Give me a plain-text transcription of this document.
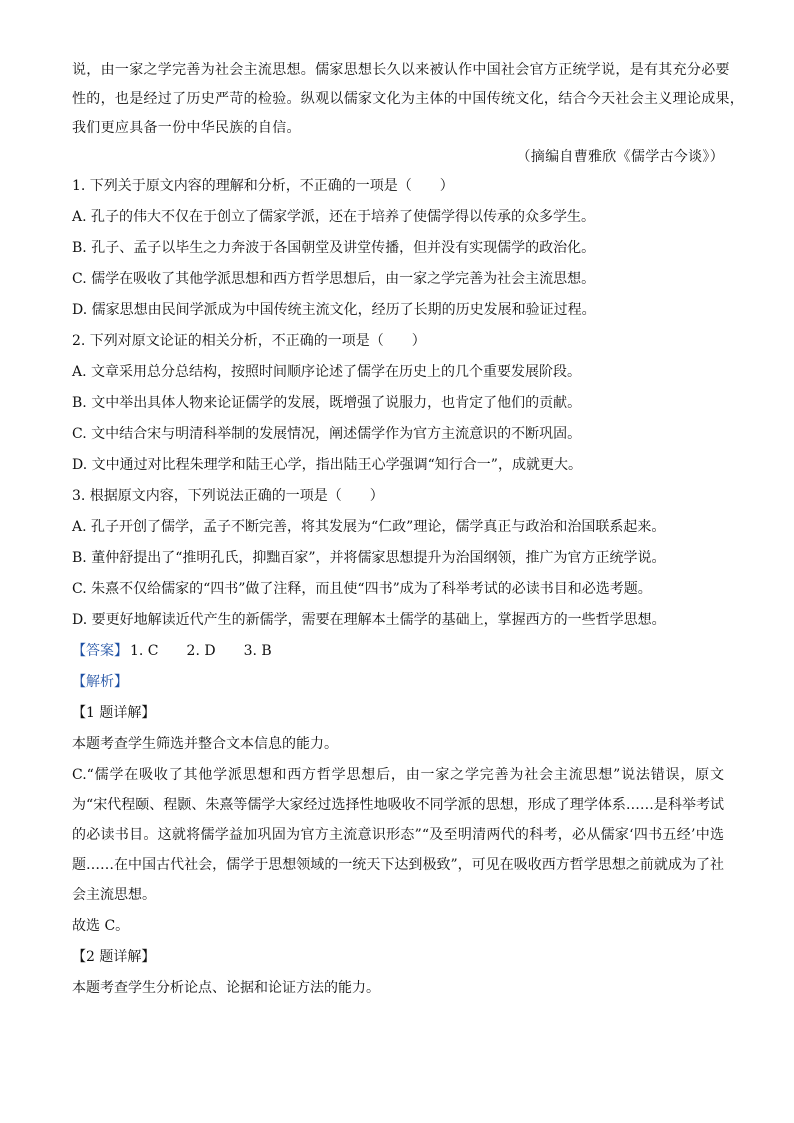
说，由一家之学完善为社会主流思想。儒家思想长久以来被认作中国社会官方正统学说，是有其充分必要

性的，也是经过了历史严苛的检验。纵观以儒家文化为主体的中国传统文化，结合今天社会主义理论成果，

我们更应具备一份中华民族的自信。

（摘编自曹雅欣《儒学古今谈》）

1. 下列关于原文内容的理解和分析，不正确的一项是（　　）

A. 孔子的伟大不仅在于创立了儒家学派，还在于培养了使儒学得以传承的众多学生。

B. 孔子、孟子以毕生之力奔波于各国朝堂及讲堂传播，但并没有实现儒学的政治化。

C. 儒学在吸收了其他学派思想和西方哲学思想后，由一家之学完善为社会主流思想。

D. 儒家思想由民间学派成为中国传统主流文化，经历了长期的历史发展和验证过程。

2. 下列对原文论证的相关分析，不正确的一项是（　　）

A. 文章采用总分总结构，按照时间顺序论述了儒学在历史上的几个重要发展阶段。

B. 文中举出具体人物来论证儒学的发展，既增强了说服力，也肯定了他们的贡献。

C. 文中结合宋与明清科举制的发展情况，阐述儒学作为官方主流意识的不断巩固。

D. 文中通过对比程朱理学和陆王心学，指出陆王心学强调“知行合一”，成就更大。

3. 根据原文内容，下列说法正确的一项是（　　）

A. 孔子开创了儒学，孟子不断完善，将其发展为“仁政”理论，儒学真正与政治和治国联系起来。

B. 董仲舒提出了“推明孔氏，抑黜百家”，并将儒家思想提升为治国纲领，推广为官方正统学说。

C. 朱熹不仅给儒家的“四书”做了注释，而且使“四书”成为了科举考试的必读书目和必选考题。

D. 要更好地解读近代产生的新儒学，需要在理解本土儒学的基础上，掌握西方的一些哲学思想。

【答案】 1. C 2. D 3. B

【解析】

【1 题详解】

本题考查学生筛选并整合文本信息的能力。

C.“儒学在吸收了其他学派思想和西方哲学思想后，由一家之学完善为社会主流思想”说法错误，原文为“宋代程颐、程颢、朱熹等儒学大家经过选择性地吸收不同学派的思想，形成了理学体系……是科举考试的必读书目。这就将儒学益加巩固为官方主流意识形态”“及至明清两代的科考，必从儒家‘四书五经’中选题……在中国古代社会，儒学于思想领域的一统天下达到极致”，可见在吸收西方哲学思想之前就成为了社会主流思想。

故选 C。

【2 题详解】

本题考查学生分析论点、论据和论证方法的能力。
